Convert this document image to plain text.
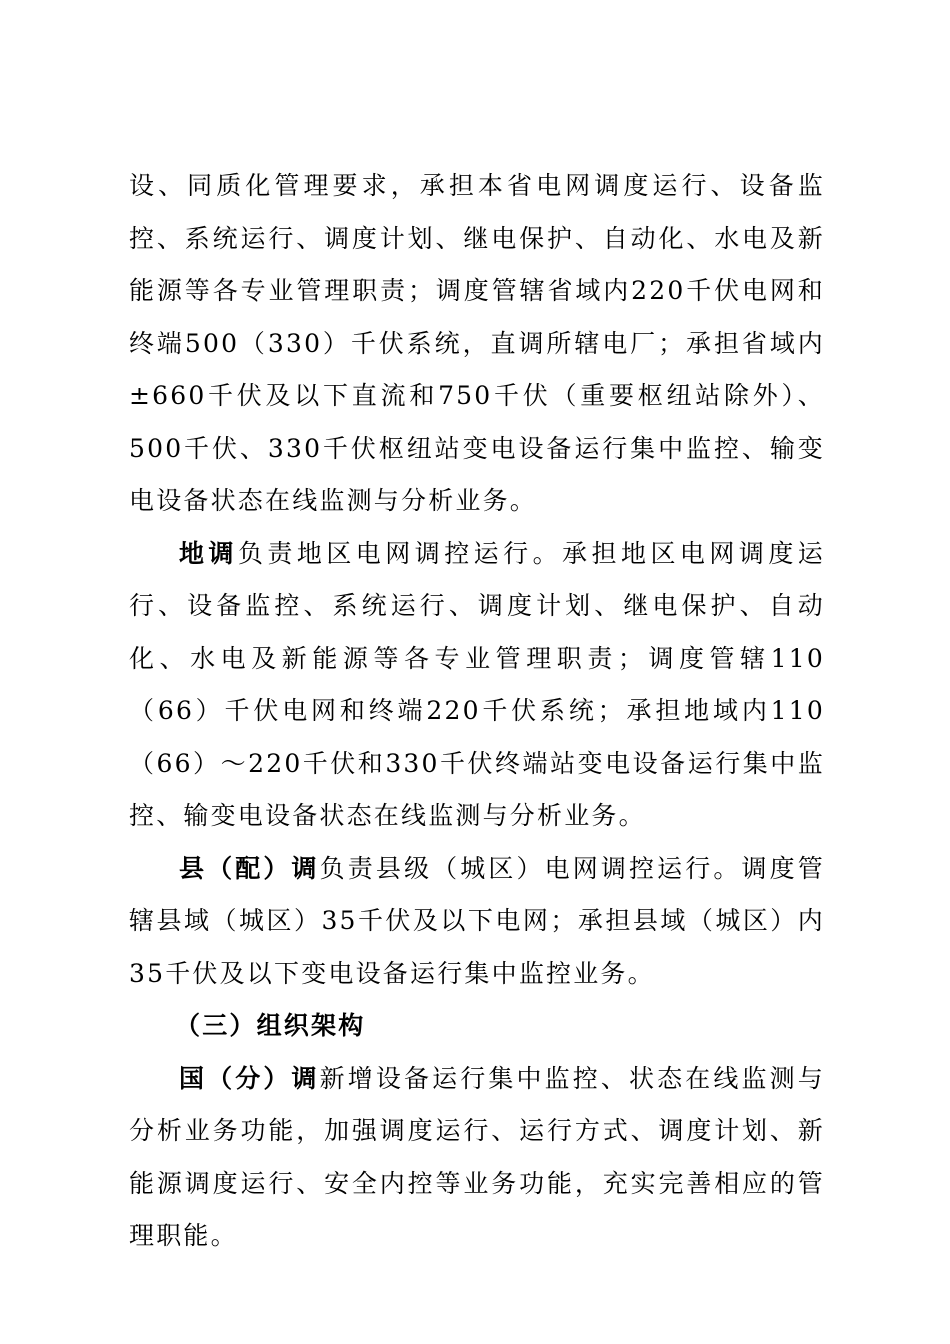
设、同质化管理要求，承担本省电网调度运行、设备监控、系统运行、调度计划、继电保护、自动化、水电及新能源等各专业管理职责；调度管辖省域内220千伏电网和终端500（330）千伏系统，直调所辖电厂；承担省域内±660千伏及以下直流和750千伏（重要枢纽站除外）、500千伏、330千伏枢纽站变电设备运行集中监控、输变电设备状态在线监测与分析业务。

地调负责地区电网调控运行。承担地区电网调度运行、设备监控、系统运行、调度计划、继电保护、自动化、水电及新能源等各专业管理职责；调度管辖110（66）千伏电网和终端220千伏系统；承担地域内110（66）～220千伏和330千伏终端站变电设备运行集中监控、输变电设备状态在线监测与分析业务。

县（配）调负责县级（城区）电网调控运行。调度管辖县域（城区）35千伏及以下电网；承担县域（城区）内35千伏及以下变电设备运行集中监控业务。

（三）组织架构

国（分）调新增设备运行集中监控、状态在线监测与分析业务功能，加强调度运行、运行方式、调度计划、新能源调度运行、安全内控等业务功能，充实完善相应的管理职能。
